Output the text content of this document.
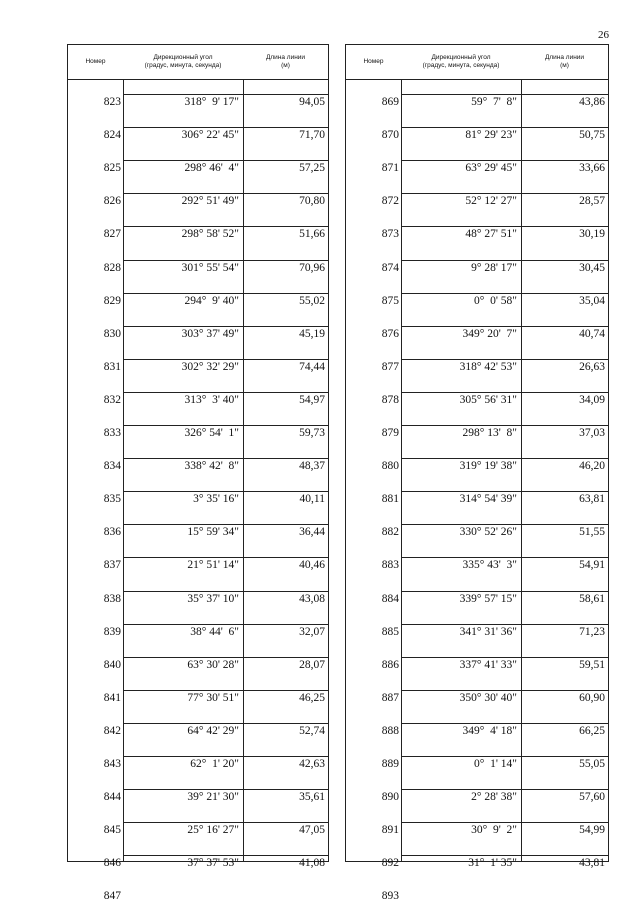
26
Номер
Дирекционный угол
(градус, минута, секунда)
Длина линии
(м)
823	318°  9' 17"	94,05
824	306° 22' 45"	71,70
825	298° 46'  4"	57,25
826	292° 51' 49"	70,80
827	298° 58' 52"	51,66
828	301° 55' 54"	70,96
829	294°  9' 40"	55,02
830	303° 37' 49"	45,19
831	302° 32' 29"	74,44
832	313°  3' 40"	54,97
833	326° 54'  1"	59,73
834	338° 42'  8"	48,37
835	3° 35' 16"	40,11
836	15° 59' 34"	36,44
837	21° 51' 14"	40,46
838	35° 37' 10"	43,08
839	38° 44'  6"	32,07
840	63° 30' 28"	28,07
841	77° 30' 51"	46,25
842	64° 42' 29"	52,74
843	62°  1' 20"	42,63
844	39° 21' 30"	35,61
845	25° 16' 27"	47,05
846	37° 37' 53"	41,08
847
Номер
Дирекционный угол
(градус, минута, секунда)
Длина линии
(м)
869	59°  7'  8"	43,86
870	81° 29' 23"	50,75
871	63° 29' 45"	33,66
872	52° 12' 27"	28,57
873	48° 27' 51"	30,19
874	9° 28' 17"	30,45
875	0°  0' 58"	35,04
876	349° 20'  7"	40,74
877	318° 42' 53"	26,63
878	305° 56' 31"	34,09
879	298° 13'  8"	37,03
880	319° 19' 38"	46,20
881	314° 54' 39"	63,81
882	330° 52' 26"	51,55
883	335° 43'  3"	54,91
884	339° 57' 15"	58,61
885	341° 31' 36"	71,23
886	337° 41' 33"	59,51
887	350° 30' 40"	60,90
888	349°  4' 18"	66,25
889	0°  1' 14"	55,05
890	2° 28' 38"	57,60
891	30°  9'  2"	54,99
892	31°  1' 35"	43,81
893
